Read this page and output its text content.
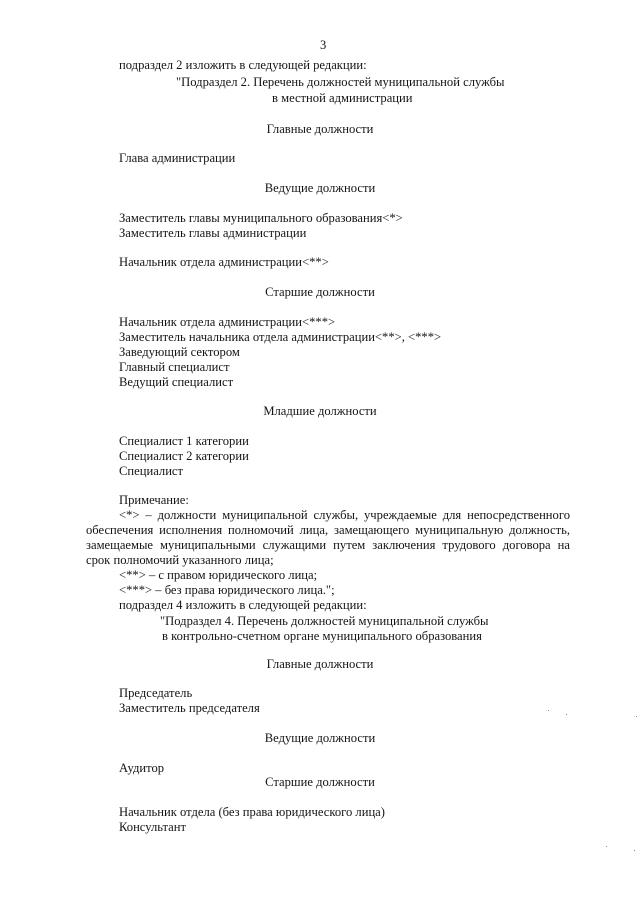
3
подраздел 2 изложить в следующей редакции:
"Подраздел 2. Перечень должностей муниципальной службы
в местной администрации
Главные должности
Глава администрации
Ведущие должности
Заместитель главы муниципального образования<*>
Заместитель главы администрации
Начальник отдела администрации<**>
Старшие должности
Начальник отдела администрации<***>
Заместитель начальника отдела администрации<**>, <***>
Заведующий сектором
Главный специалист
Ведущий специалист
Младшие должности
Специалист 1 категории
Специалист 2 категории
Специалист
Примечание:
<*> – должности муниципальной службы, учреждаемые для непосредственного
обеспечения исполнения полномочий лица, замещающего муниципальную должность,
замещаемые муниципальными служащими путем заключения трудового договора на
срок полномочий указанного лица;
<**> – с правом юридического лица;
<***> – без права юридического лица.";
подраздел 4 изложить в следующей редакции:
"Подраздел 4. Перечень должностей муниципальной службы
в контрольно-счетном органе муниципального образования
Главные должности
Председатель
Заместитель председателя
Ведущие должности
Аудитор
Старшие должности
Начальник отдела (без права юридического лица)
Консультант
